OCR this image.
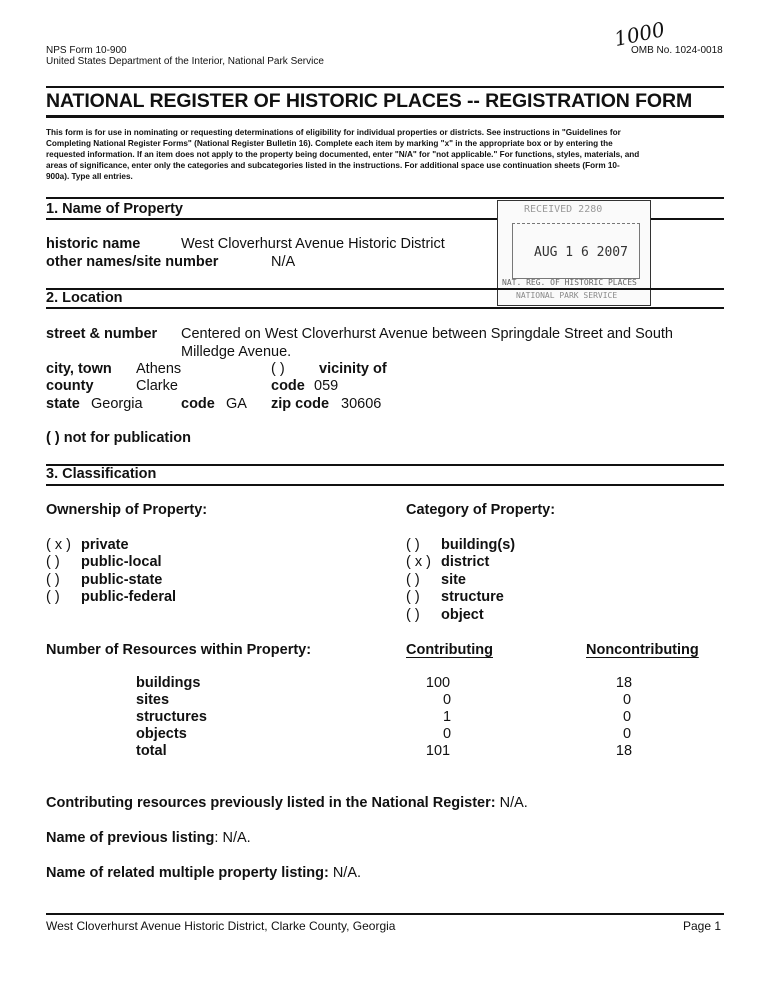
NPS Form 10-900
United States Department of the Interior, National Park Service
OMB No. 1024-0018
1000
NATIONAL REGISTER OF HISTORIC PLACES -- REGISTRATION FORM
This form is for use in nominating or requesting determinations of eligibility for individual properties or districts. See instructions in "Guidelines for
Completing National Register Forms" (National Register Bulletin 16). Complete each item by marking "x" in the appropriate box or by entering the
requested information. If an item does not apply to the property being documented, enter "N/A" for "not applicable." For functions, styles, materials, and
areas of significance, enter only the categories and subcategories listed in the instructions. For additional space use continuation sheets (Form 10-
900a). Type all entries.
1. Name of Property
historic name	West Cloverhurst Avenue Historic District
other names/site number	N/A
RECEIVED 2280
AUG 1 6 2007
NAT. REG. OF HISTORIC PLACES
NATIONAL PARK SERVICE
2. Location
street & number Centered on West Cloverhurst Avenue between Springdale Street and South
Milledge Avenue.
city, town Athens	( ) vicinity of
county	Clarke	code 059
state Georgia	code GA zip code 30606
( ) not for publication
3. Classification
Ownership of Property:	Category of Property:
( x ) private
( ) public-local
( ) public-state
( ) public-federal
( ) building(s)
( x ) district
( ) site
( ) structure
( ) object
Number of Resources within Property:	Contributing	Noncontributing
buildings	100	18
sites	0	0
structures	1	0
objects	0	0
total	101	18
Contributing resources previously listed in the National Register: N/A.
Name of previous listing: N/A.
Name of related multiple property listing: N/A.
West Cloverhurst Avenue Historic District, Clarke County, Georgia	Page 1
